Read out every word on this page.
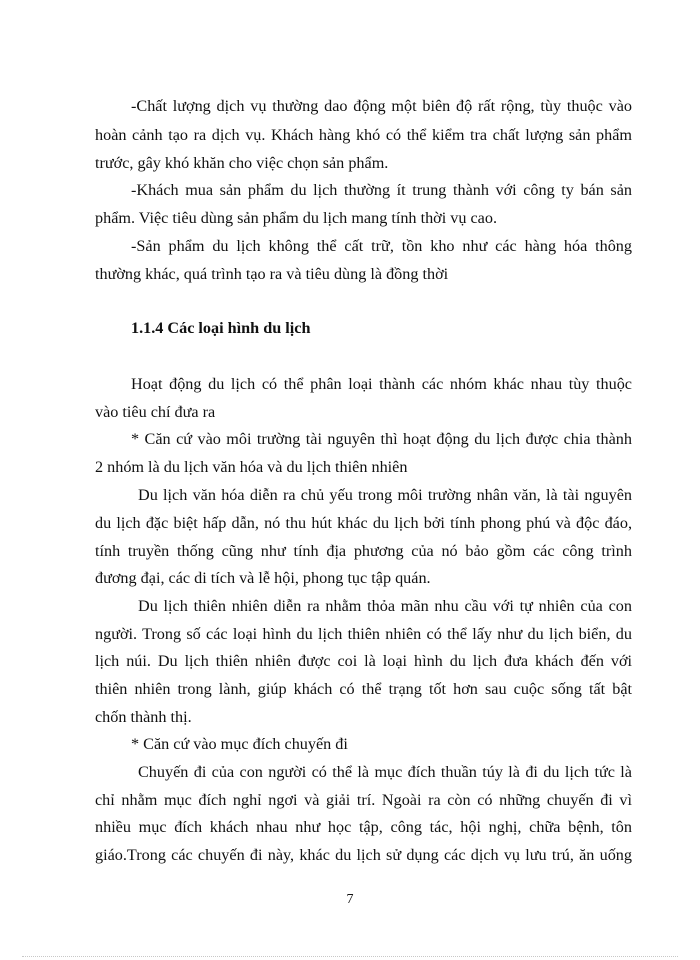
-Chất lượng dịch vụ thường dao động một biên độ rất rộng, tùy thuộc vào
hoàn cảnh tạo ra dịch vụ. Khách hàng khó có thể kiểm tra chất lượng sản phẩm
trước, gây khó khăn cho việc chọn sản phẩm.
-Khách mua sản phẩm du lịch thường ít trung thành với công ty bán sản
phẩm. Việc tiêu dùng sản phẩm du lịch mang tính thời vụ cao.
-Sản phẩm du lịch không thể cất trữ, tồn kho như các hàng hóa thông
thường khác, quá trình tạo ra và tiêu dùng là đồng thời
1.1.4 Các loại hình du lịch
Hoạt động du lịch có thể phân loại thành các nhóm khác nhau tùy thuộc
vào tiêu chí đưa ra
* Căn cứ vào môi trường tài nguyên thì hoạt động du lịch được chia thành
2 nhóm là du lịch văn hóa và du lịch thiên nhiên
Du lịch văn hóa diễn ra chủ yếu trong môi trường nhân văn, là tài nguyên
du lịch đặc biệt hấp dẫn, nó thu hút khác du lịch bởi tính phong phú và độc đáo,
tính truyền thống cũng như tính địa phương của nó bảo gồm các công trình
đương đại, các di tích và lễ hội, phong tục tập quán.
Du lịch thiên nhiên diễn ra nhằm thỏa mãn nhu cầu với tự nhiên của con
người. Trong số các loại hình du lịch thiên nhiên có thể lấy như du lịch biển, du
lịch núi. Du lịch thiên nhiên được coi là loại hình du lịch đưa khách đến với
thiên nhiên trong lành, giúp khách có thể trạng tốt hơn sau cuộc sống tất bật
chốn thành thị.
* Căn cứ vào mục đích chuyến đi
Chuyến đi của con người có thể là mục đích thuần túy là đi du lịch tức là
chỉ nhằm mục đích nghỉ ngơi và giải trí. Ngoài ra còn có những chuyến đi vì
nhiều mục đích khách nhau như học tập, công tác, hội nghị, chữa bệnh, tôn
giáo.Trong các chuyến đi này, khác du lịch sử dụng các dịch vụ lưu trú, ăn uống
7
